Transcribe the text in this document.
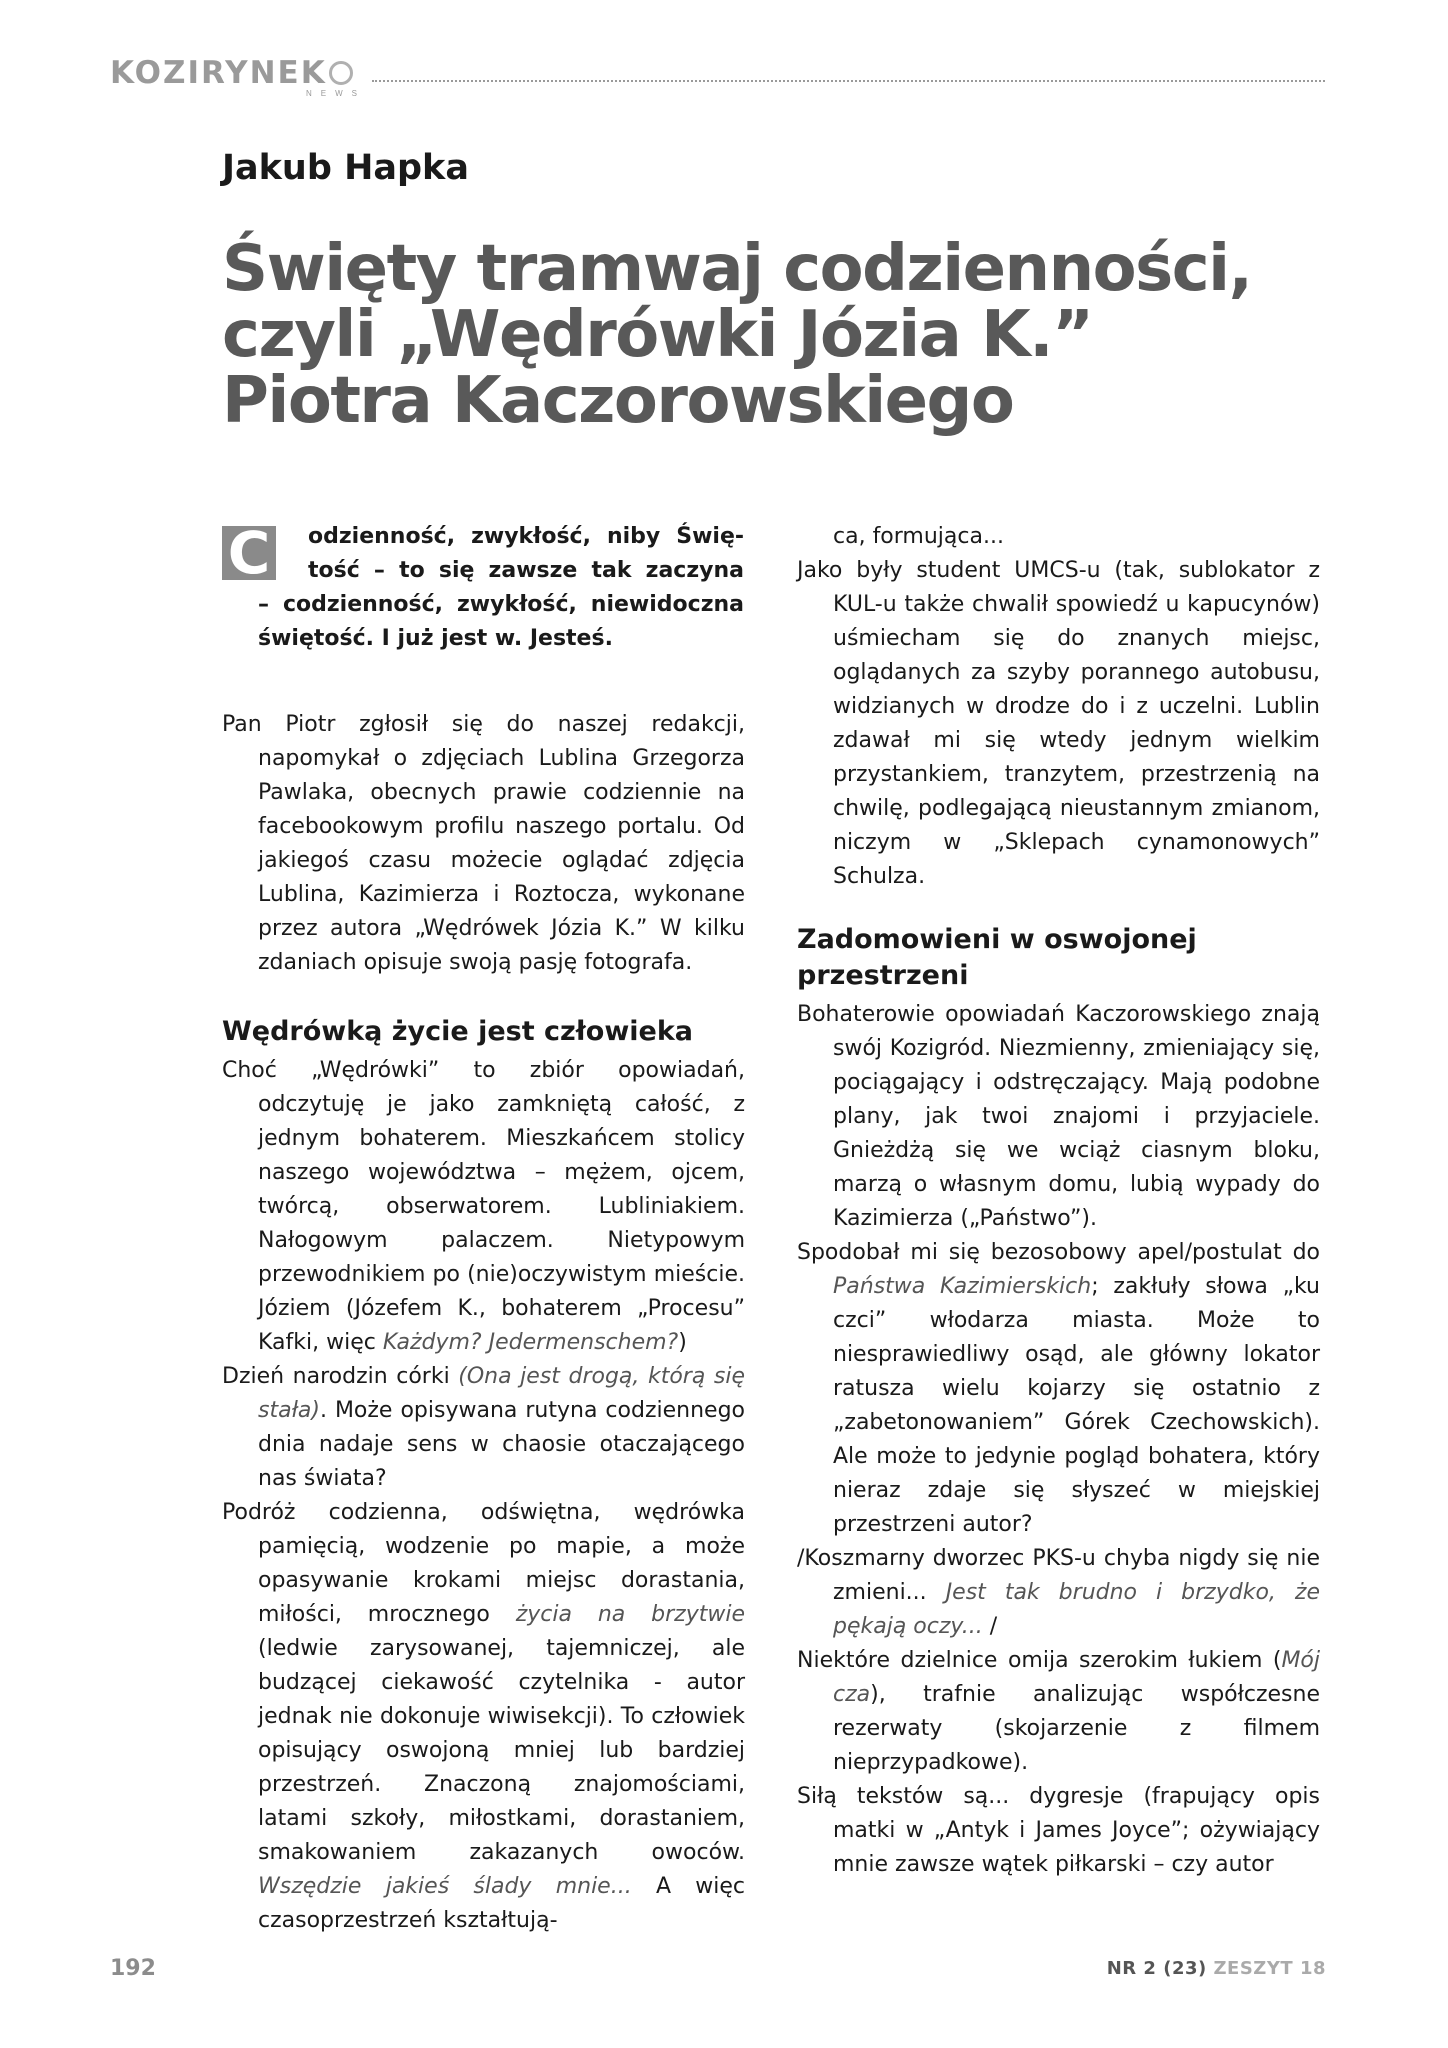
KOZIRYNEK
NEWS
Jakub Hapka
Święty tramwaj codzienności,
czyli „Wędrówki Józia K.”
Piotra Kaczorowskiego
C odzienność, zwykłość, niby Świę-
tość – to się zawsze tak zaczyna
– codzienność, zwykłość, niewidoczna
świętość. I już jest w. Jesteś.

Pan Piotr zgłosił się do naszej redakcji, napomykał o zdjęciach Lublina Grzegorza Pawlaka, obecnych prawie codziennie na facebookowym profilu naszego portalu. Od jakiegoś czasu możecie oglądać zdjęcia Lublina, Kazimierza i Roztocza, wykonane przez autora „Wędrówek Józia K.” W kilku zdaniach opisuje swoją pasję fotografa.

Wędrówką życie jest człowieka

Choć „Wędrówki” to zbiór opowiadań, odczytuję je jako zamkniętą całość, z jednym bohaterem. Mieszkańcem stolicy naszego województwa – mężem, ojcem, twórcą, obserwatorem. Lubliniakiem. Nałogowym palaczem. Nietypowym przewodnikiem po (nie)oczywistym mieście. Józiem (Józefem K., bohaterem „Procesu” Kafki, więc Każdym? Jedermenschem?)

Dzień narodzin córki (Ona jest drogą, którą się stała). Może opisywana rutyna codziennego dnia nadaje sens w chaosie otaczającego nas świata?

Podróż codzienna, odświętna, wędrówka pamięcią, wodzenie po mapie, a może opasywanie krokami miejsc dorastania, miłości, mrocznego życia na brzytwie (ledwie zarysowanej, tajemniczej, ale budzącej ciekawość czytelnika - autor jednak nie dokonuje wiwisekcji). To człowiek opisujący oswojoną mniej lub bardziej przestrzeń. Znaczoną znajomościami, latami szkoły, miłostkami, dorastaniem, smakowaniem zakazanych owoców. Wszędzie jakieś ślady mnie... A więc czasoprzestrzeń kształtują-

ca, formująca...

Jako były student UMCS-u (tak, sublokator z KUL-u także chwalił spowiedź u kapucynów) uśmiecham się do znanych miejsc, oglądanych za szyby porannego autobusu, widzianych w drodze do i z uczelni. Lublin zdawał mi się wtedy jednym wielkim przystankiem, tranzytem, przestrzenią na chwilę, podlegającą nieustannym zmianom, niczym w „Sklepach cynamonowych” Schulza.

Zadomowieni w oswojonej przestrzeni

Bohaterowie opowiadań Kaczorowskiego znają swój Kozigród. Niezmienny, zmieniający się, pociągający i odstręczający. Mają podobne plany, jak twoi znajomi i przyjaciele. Gnieżdżą się we wciąż ciasnym bloku, marzą o własnym domu, lubią wypady do Kazimierza („Państwo”).

Spodobał mi się bezosobowy apel/postulat do Państwa Kazimierskich; zakłuły słowa „ku czci” włodarza miasta. Może to niesprawiedliwy osąd, ale główny lokator ratusza wielu kojarzy się ostatnio z „zabetonowaniem” Górek Czechowskich). Ale może to jedynie pogląd bohatera, który nieraz zdaje się słyszeć w miejskiej przestrzeni autor?

/Koszmarny dworzec PKS-u chyba nigdy się nie zmieni... Jest tak brudno i brzydko, że pękają oczy... /

Niektóre dzielnice omija szerokim łukiem (Mój cza), trafnie analizując współczesne rezerwaty (skojarzenie z filmem nieprzypadkowe).

Siłą tekstów są... dygresje (frapujący opis matki w „Antyk i James Joyce”; ożywiający mnie zawsze wątek piłkarski – czy autor

192	NR 2 (23) ZESZYT 18
